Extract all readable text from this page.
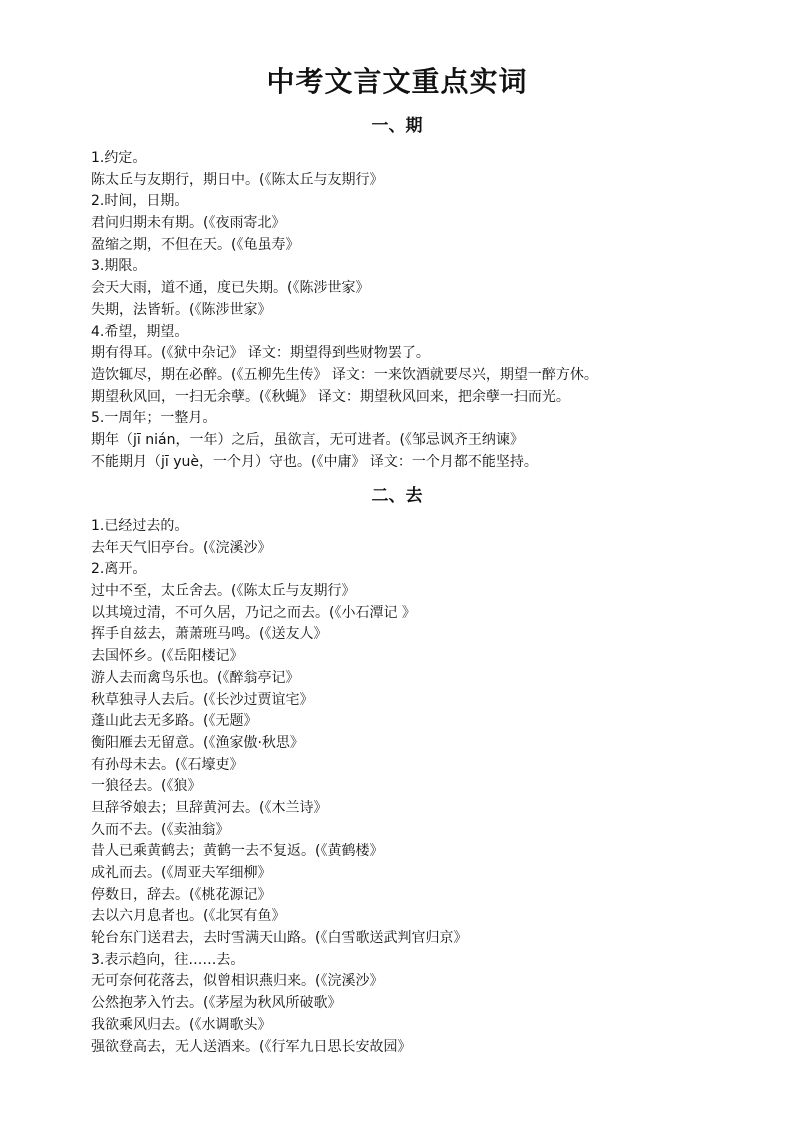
中考文言文重点实词
一、期
1.约定。
陈太丘与友期行，期日中。(《陈太丘与友期行》
2.时间，日期。
君问归期未有期。(《夜雨寄北》
盈缩之期，不但在天。(《龟虽寿》
3.期限。
会天大雨，道不通，度已失期。(《陈涉世家》
失期，法皆斩。(《陈涉世家》
4.希望，期望。
期有得耳。(《狱中杂记》 译文：期望得到些财物罢了。
造饮辄尽，期在必醉。(《五柳先生传》 译文：一来饮酒就要尽兴，期望一醉方休。
期望秋风回，一扫无余孽。(《秋蝇》 译文：期望秋风回来，把余孽一扫而光。
5.一周年；一整月。
期年（jī nián，一年）之后，虽欲言，无可进者。(《邹忌讽齐王纳谏》
不能期月（jī yuè，一个月）守也。(《中庸》 译文：一个月都不能坚持。
二、去
1.已经过去的。
去年天气旧亭台。(《浣溪沙》
2.离开。
过中不至，太丘舍去。(《陈太丘与友期行》
以其境过清，不可久居，乃记之而去。(《小石潭记 》
挥手自兹去，萧萧班马鸣。(《送友人》
去国怀乡。(《岳阳楼记》
游人去而禽鸟乐也。(《醉翁亭记》
秋草独寻人去后。(《长沙过贾谊宅》
蓬山此去无多路。(《无题》
衡阳雁去无留意。(《渔家傲·秋思》
有孙母未去。(《石壕吏》
一狼径去。(《狼》
旦辞爷娘去；旦辞黄河去。(《木兰诗》
久而不去。(《卖油翁》
昔人已乘黄鹤去；黄鹤一去不复返。(《黄鹤楼》
成礼而去。(《周亚夫军细柳》
停数日，辞去。(《桃花源记》
去以六月息者也。(《北冥有鱼》
轮台东门送君去，去时雪满天山路。(《白雪歌送武判官归京》
3.表示趋向，往……去。
无可奈何花落去，似曾相识燕归来。(《浣溪沙》
公然抱茅入竹去。(《茅屋为秋风所破歌》
我欲乘风归去。(《水调歌头》
强欲登高去，无人送酒来。(《行军九日思长安故园》
